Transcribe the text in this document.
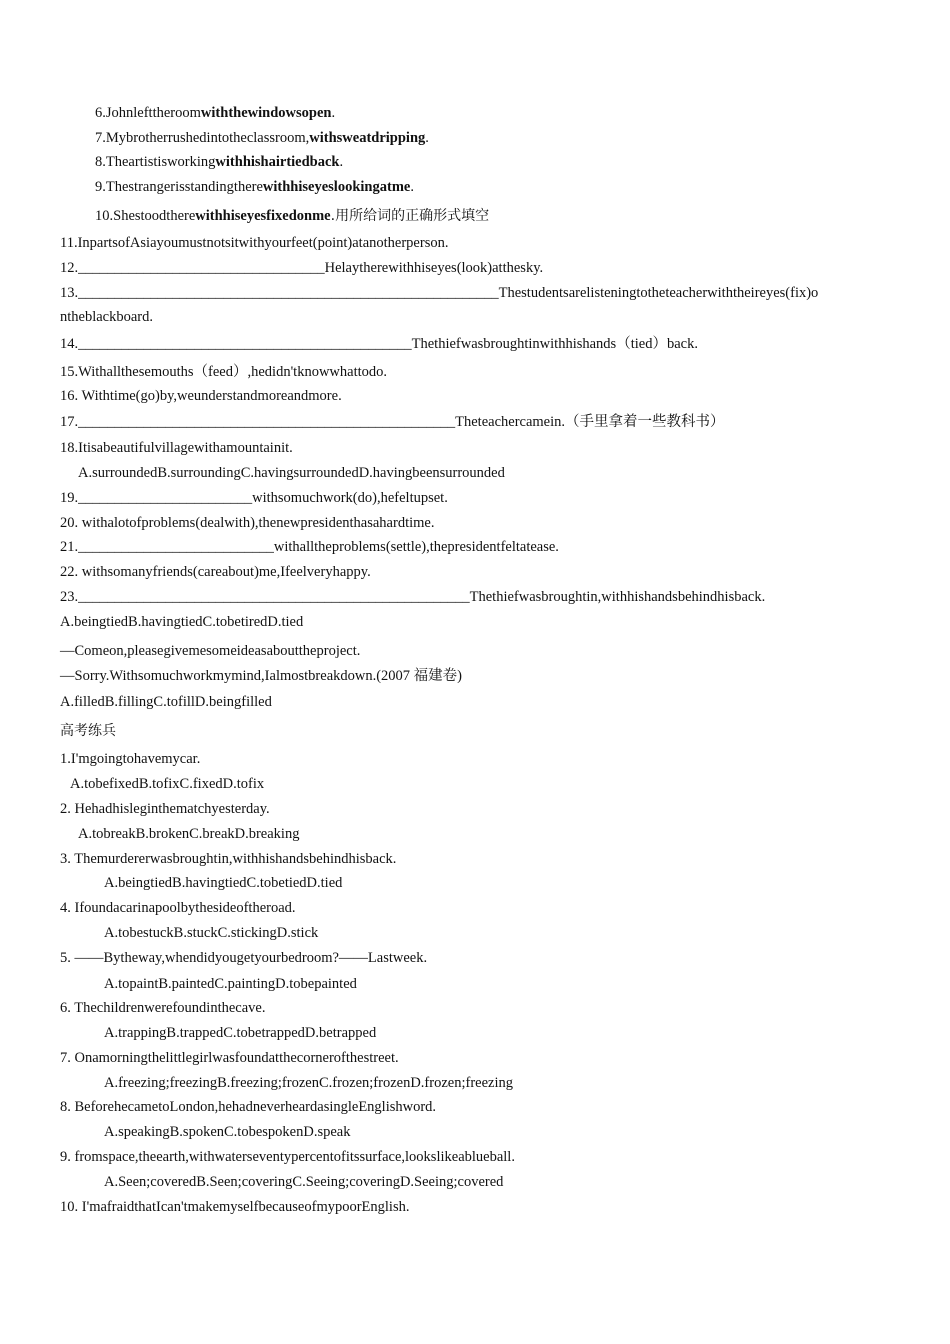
6.Johnlefttheroomwiththewindowsopen.
7.Mybrotherrushedintotheclassroom,withsweatdripping.
8.Theartistisworkingwithhishairtiedback.
9.Thestrangerisstandingtherewithhiseyeslookingatme.
10.Shestoodtherewithhiseyesfixedonme.用所给词的正确形式填空
11.InpartsofAsiayoumustnotsitwithyourfeet(point)atanotherperson.
12.__________________________________Helaytherewithhiseyes(look)atthesky.
13.__________________________________________________________Thestudentsarelisteningtotheteacherwiththeireyes(fix)o
ntheblackboard.
14.______________________________________________Thethiefwasbroughtinwithhishands（tied）back.
15.Withallthesemouths（feed）,hedidn'tknowwhattodo.
16. Withtime(go)by,weunderstandmoreandmore.
17.____________________________________________________Theteachercamein.（手里拿着一些教科书）
18.Itisabeautifulvillagewithamountainit.
A.surroundedB.surroundingC.havingsurroundedD.havingbeensurrounded
19.________________________withsomuchwork(do),hefeltupset.
20. withalotofproblems(dealwith),thenewpresidenthasahardtime.
21.___________________________withalltheproblems(settle),thepresidentfeltatease.
22. withsomanyfriends(careabout)me,Ifeelveryhappy.
23.______________________________________________________Thethiefwasbroughtin,withhishandsbehindhisback.
A.beingtiedB.havingtiedC.tobetiredD.tied
—Comeon,pleasegivemesomeideasabouttheproject.
—Sorry.Withsomuchworkmymind,Ialmostbreakdown.(2007 福建卷)
A.filledB.fillingC.tofillD.beingfilled
高考练兵
1.I'mgoingtohavemycar.
A.tobefixedB.tofixC.fixedD.tofix
2. Hehadhisleginthematchyesterday.
A.tobreakB.brokenC.breakD.breaking
3. Themurdererwasbroughtin,withhishandsbehindhisback.
A.beingtiedB.havingtiedC.tobetiedD.tied
4. Ifoundacarinapoolbythesideoftheroad.
A.tobestuckB.stuckC.stickingD.stick
5. ——Bytheway,whendidyougetyourbedroom?——Lastweek.
A.topaintB.paintedC.paintingD.tobepainted
6. Thechildrenwerefoundinthecave.
A.trappingB.trappedC.tobetrappedD.betrapped
7. Onamorningthelittlegirlwasfoundatthecornerofthestreet.
A.freezing;freezingB.freezing;frozenC.frozen;frozenD.frozen;freezing
8. BeforehecametoLondon,hehadneverheardasingleEnglishword.
A.speakingB.spokenC.tobespokenD.speak
9. fromspace,theearth,withwaterseventypercentofitssurface,lookslikeablueball.
A.Seen;coveredB.Seen;coveringC.Seeing;coveringD.Seeing;covered
10. I'mafraidthatIcan'tmakemyselfbecauseofmypoorEnglish.
